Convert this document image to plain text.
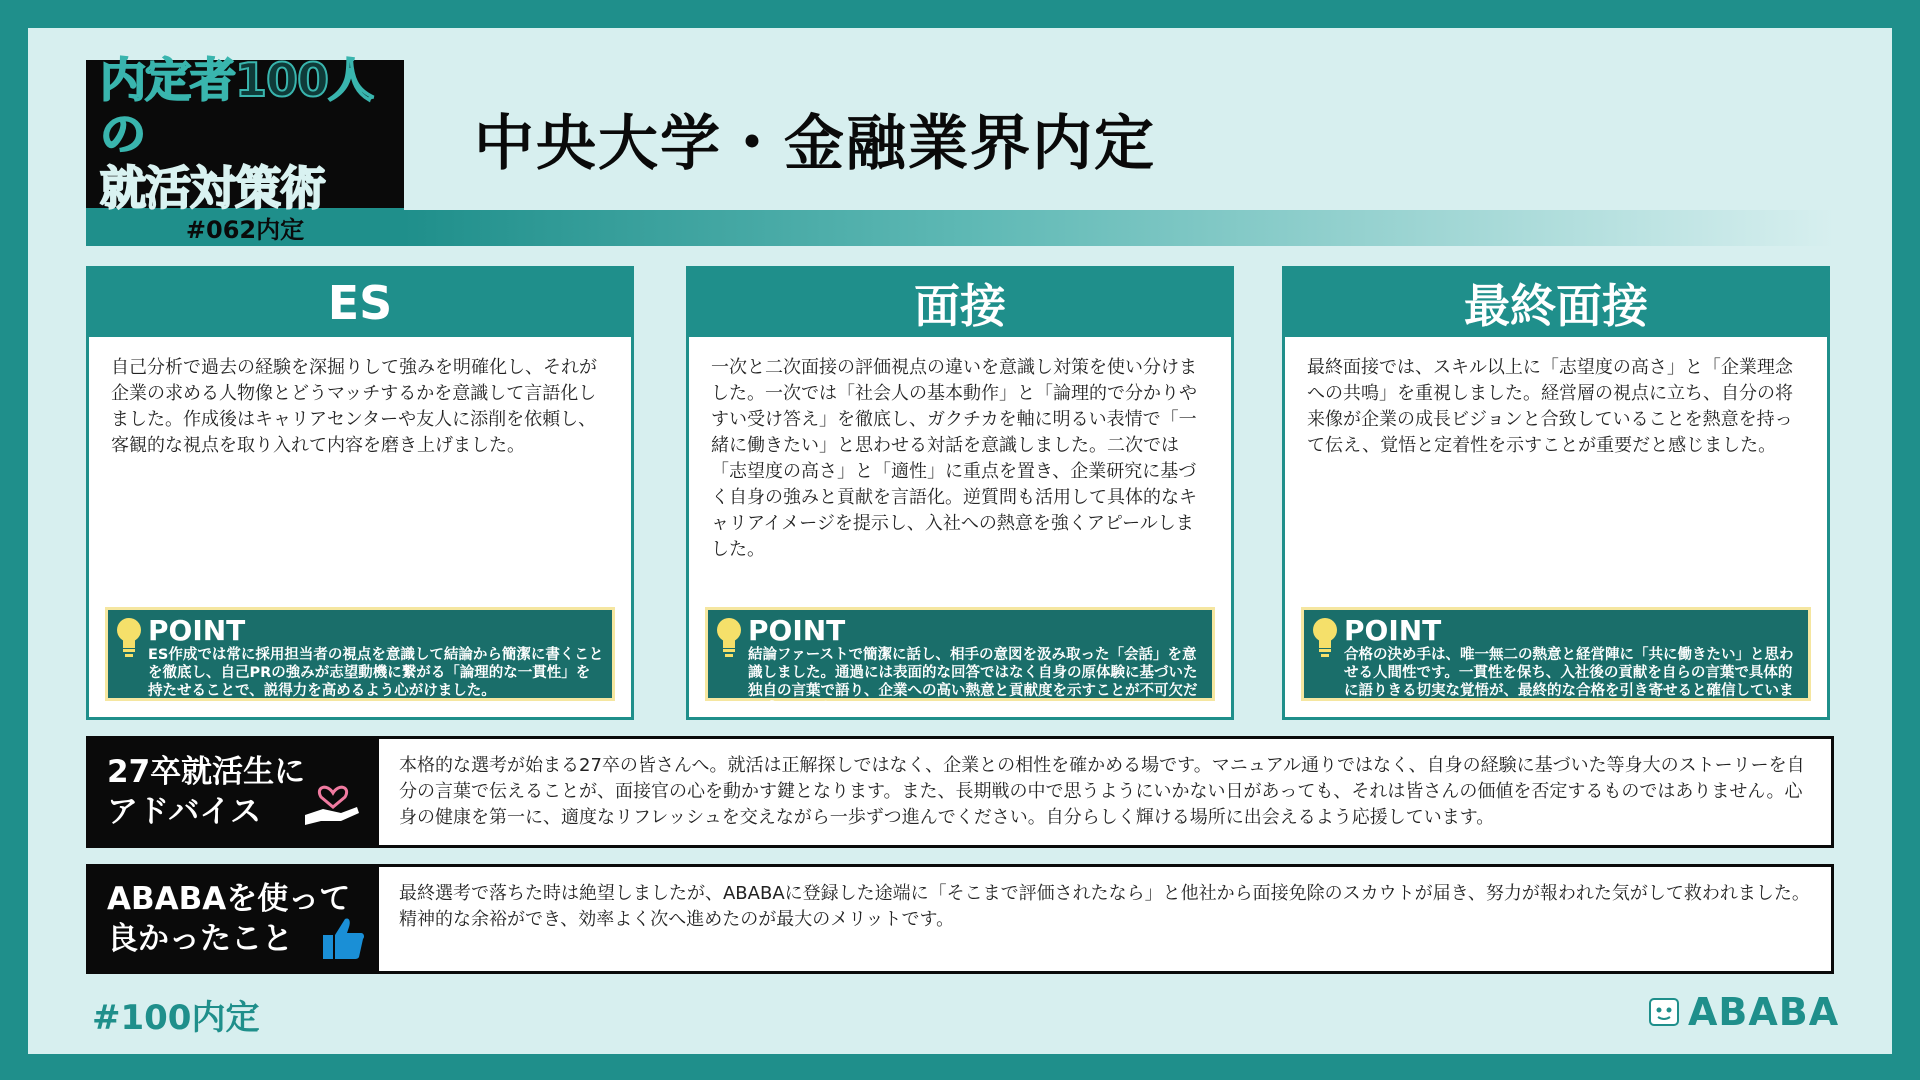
内定者100人の
就活対策術
#062内定
中央大学・金融業界内定
ES
自己分析で過去の経験を深掘りして強みを明確化し、それが企業の求める人物像とどうマッチするかを意識して言語化しました。作成後はキャリアセンターや友人に添削を依頼し、客観的な視点を取り入れて内容を磨き上げました。
POINT
ES作成では常に採用担当者の視点を意識して結論から簡潔に書くことを徹底し、自己PRの強みが志望動機に繋がる「論理的な一貫性」を持たせることで、説得力を高めるよう心がけました。
面接
一次と二次面接の評価視点の違いを意識し対策を使い分けました。一次では「社会人の基本動作」と「論理的で分かりやすい受け答え」を徹底し、ガクチカを軸に明るい表情で「一緒に働きたい」と思わせる対話を意識しました。二次では「志望度の高さ」と「適性」に重点を置き、企業研究に基づく自身の強みと貢献を言語化。逆質問も活用して具体的なキャリアイメージを提示し、入社への熱意を強くアピールしました。
POINT
結論ファーストで簡潔に話し、相手の意図を汲み取った「会話」を意識しました。通過には表面的な回答ではなく自身の原体験に基づいた独自の言葉で語り、企業への高い熱意と貢献度を示すことが不可欠だと感じました。
最終面接
最終面接では、スキル以上に「志望度の高さ」と「企業理念への共鳴」を重視しました。経営層の視点に立ち、自分の将来像が企業の成長ビジョンと合致していることを熱意を持って伝え、覚悟と定着性を示すことが重要だと感じました。
POINT
合格の決め手は、唯一無二の熱意と経営陣に「共に働きたい」と思わせる人間性です。一貫性を保ち、入社後の貢献を自らの言葉で具体的に語りきる切実な覚悟が、最終的な合格を引き寄せると確信しています。
27卒就活生に
アドバイス
本格的な選考が始まる27卒の皆さんへ。就活は正解探しではなく、企業との相性を確かめる場です。マニュアル通りではなく、自身の経験に基づいた等身大のストーリーを自分の言葉で伝えることが、面接官の心を動かす鍵となります。また、長期戦の中で思うようにいかない日があっても、それは皆さんの価値を否定するものではありません。心身の健康を第一に、適度なリフレッシュを交えながら一歩ずつ進んでください。自分らしく輝ける場所に出会えるよう応援しています。
ABABAを使って
良かったこと
最終選考で落ちた時は絶望しましたが、ABABAに登録した途端に「そこまで評価されたなら」と他社から面接免除のスカウトが届き、努力が報われた気がして救われました。精神的な余裕ができ、効率よく次へ進めたのが最大のメリットです。
#100内定	ABABA
